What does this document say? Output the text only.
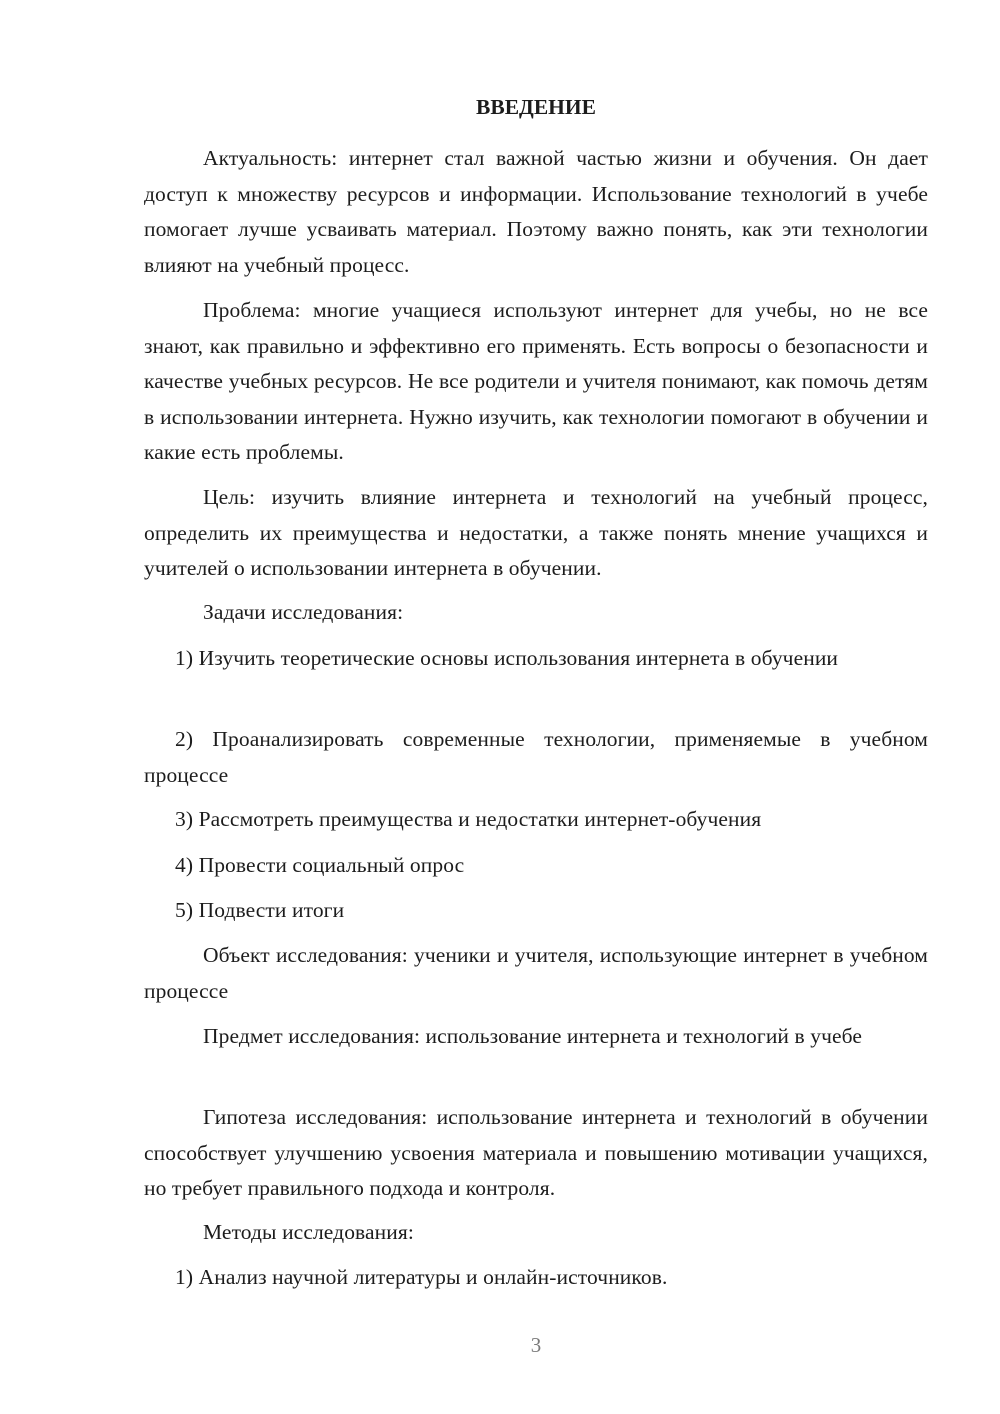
ВВЕДЕНИЕ

Актуальность: интернет стал важной частью жизни и обучения. Он дает доступ к множеству ресурсов и информации. Использование технологий в учебе помогает лучше усваивать материал. Поэтому важно понять, как эти технологии влияют на учебный процесс.

Проблема: многие учащиеся используют интернет для учебы, но не все знают, как правильно и эффективно его применять. Есть вопросы о безопасности и качестве учебных ресурсов. Не все родители и учителя понимают, как помочь детям в использовании интернета. Нужно изучить, как технологии помогают в обучении и какие есть проблемы.

Цель: изучить влияние интернета и технологий на учебный процесс, определить их преимущества и недостатки, а также понять мнение учащихся и учителей о использовании интернета в обучении.

Задачи исследования:

1) Изучить теоретические основы использования интернета в обучении

2) Проанализировать современные технологии, применяемые в учебном процессе

3) Рассмотреть преимущества и недостатки интернет-обучения

4) Провести социальный опрос

5) Подвести итоги

Объект исследования: ученики и учителя, использующие интернет в учебном процессе

Предмет исследования: использование интернета и технологий в учебе

Гипотеза исследования: использование интернета и технологий в обучении способствует улучшению усвоения материала и повышению мотивации учащихся, но требует правильного подхода и контроля.

Методы исследования:

1) Анализ научной литературы и онлайн-источников.

3
